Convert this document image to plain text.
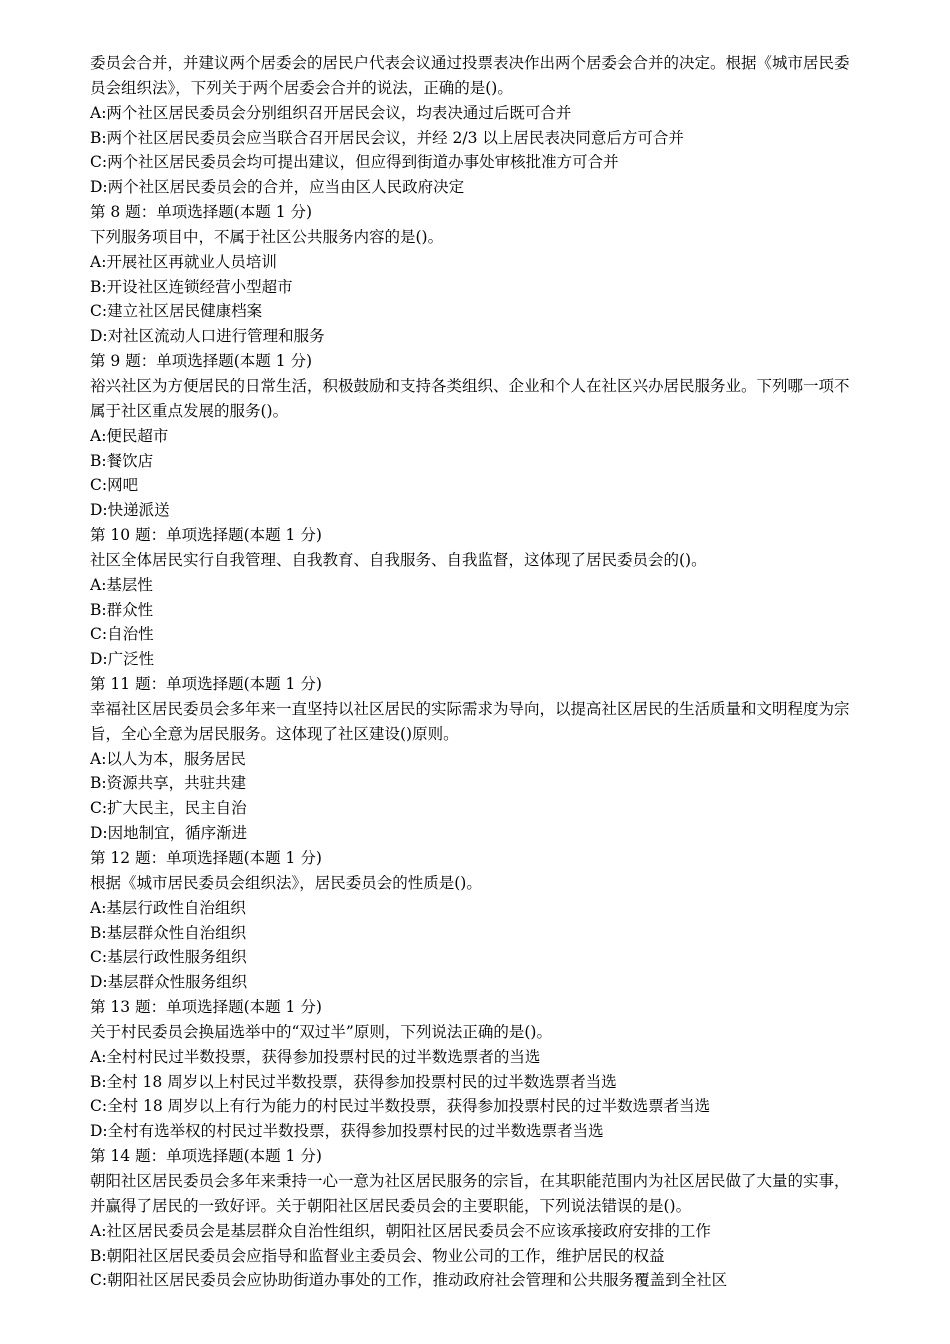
委员会合并，并建议两个居委会的居民户代表会议通过投票表决作出两个居委会合并的决定。根据《城市居民委
员会组织法》，下列关于两个居委会合并的说法，正确的是()。
A:两个社区居民委员会分别组织召开居民会议，均表决通过后既可合并
B:两个社区居民委员会应当联合召开居民会议，并经 2/3 以上居民表决同意后方可合并
C:两个社区居民委员会均可提出建议，但应得到街道办事处审核批准方可合并
D:两个社区居民委员会的合并，应当由区人民政府决定
第 8 题：单项选择题(本题 1 分)
下列服务项目中，不属于社区公共服务内容的是()。
A:开展社区再就业人员培训
B:开设社区连锁经营小型超市
C:建立社区居民健康档案
D:对社区流动人口进行管理和服务
第 9 题：单项选择题(本题 1 分)
裕兴社区为方便居民的日常生活，积极鼓励和支持各类组织、企业和个人在社区兴办居民服务业。下列哪一项不
属于社区重点发展的服务()。
A:便民超市
B:餐饮店
C:网吧
D:快递派送
第 10 题：单项选择题(本题 1 分)
社区全体居民实行自我管理、自我教育、自我服务、自我监督，这体现了居民委员会的()。
A:基层性
B:群众性
C:自治性
D:广泛性
第 11 题：单项选择题(本题 1 分)
幸福社区居民委员会多年来一直坚持以社区居民的实际需求为导向，以提高社区居民的生活质量和文明程度为宗
旨，全心全意为居民服务。这体现了社区建设()原则。
A:以人为本，服务居民
B:资源共享，共驻共建
C:扩大民主，民主自治
D:因地制宜，循序渐进
第 12 题：单项选择题(本题 1 分)
根据《城市居民委员会组织法》，居民委员会的性质是()。
A:基层行政性自治组织
B:基层群众性自治组织
C:基层行政性服务组织
D:基层群众性服务组织
第 13 题：单项选择题(本题 1 分)
关于村民委员会换届选举中的“双过半”原则，下列说法正确的是()。
A:全村村民过半数投票，获得参加投票村民的过半数选票者的当选
B:全村 18 周岁以上村民过半数投票，获得参加投票村民的过半数选票者当选
C:全村 18 周岁以上有行为能力的村民过半数投票，获得参加投票村民的过半数选票者当选
D:全村有选举权的村民过半数投票，获得参加投票村民的过半数选票者当选
第 14 题：单项选择题(本题 1 分)
朝阳社区居民委员会多年来秉持一心一意为社区居民服务的宗旨，在其职能范围内为社区居民做了大量的实事，
并赢得了居民的一致好评。关于朝阳社区居民委员会的主要职能，下列说法错误的是()。
A:社区居民委员会是基层群众自治性组织，朝阳社区居民委员会不应该承接政府安排的工作
B:朝阳社区居民委员会应指导和监督业主委员会、物业公司的工作，维护居民的权益
C:朝阳社区居民委员会应协助街道办事处的工作，推动政府社会管理和公共服务覆盖到全社区
